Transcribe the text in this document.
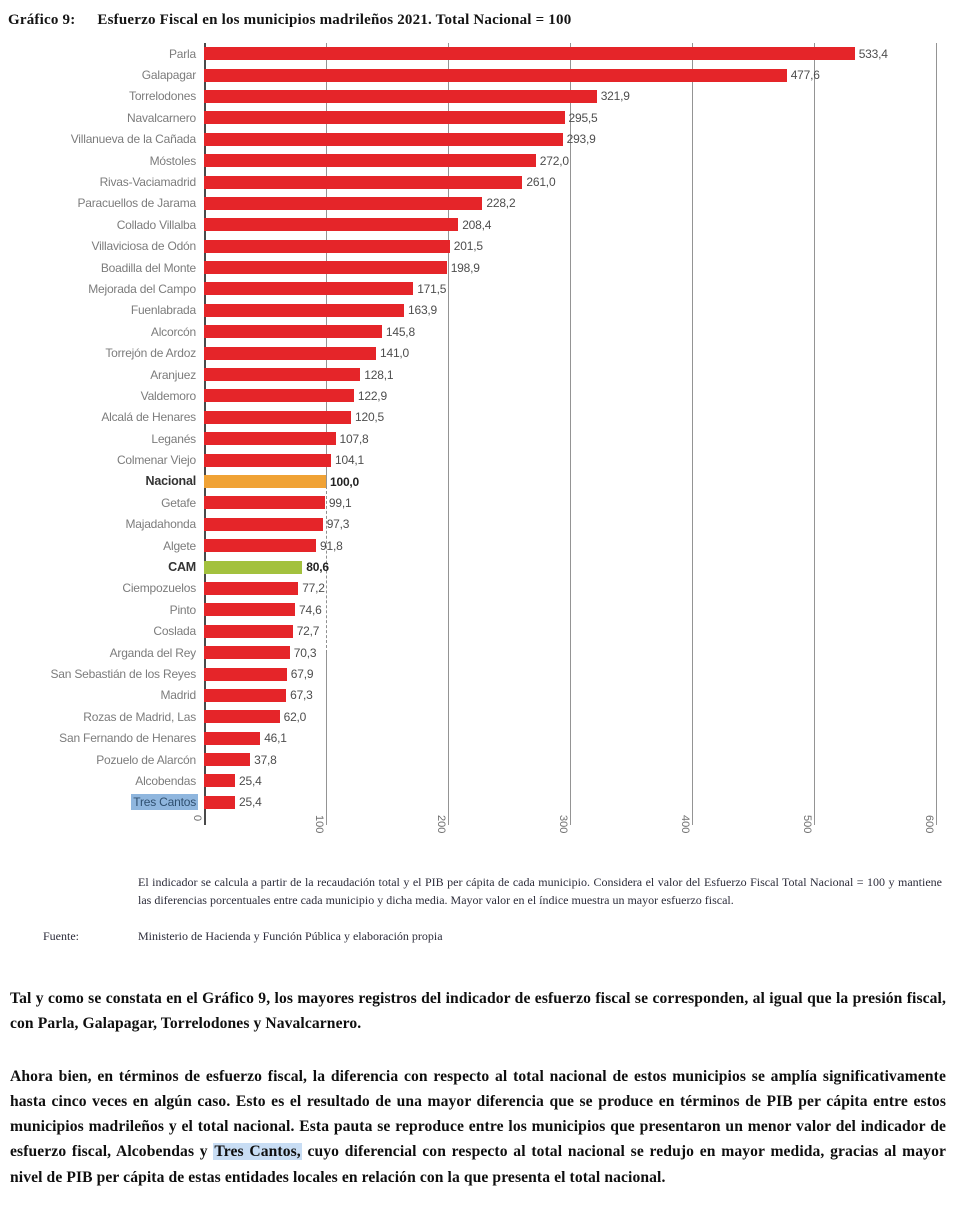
Gráfico 9: Esfuerzo Fiscal en los municipios madrileños 2021. Total Nacional = 100
Parla	533,4
Galapagar	477,6
Torrelodones	321,9
Navalcarnero	295,5
Villanueva de la Cañada	293,9
Móstoles	272,0
Rivas-Vaciamadrid	261,0
Paracuellos de Jarama	228,2
Collado Villalba	208,4
Villaviciosa de Odón	201,5
Boadilla del Monte	198,9
Mejorada del Campo	171,5
Fuenlabrada	163,9
Alcorcón	145,8
Torrejón de Ardoz	141,0
Aranjuez	128,1
Valdemoro	122,9
Alcalá de Henares	120,5
Leganés	107,8
Colmenar Viejo	104,1
Nacional	100,0
Getafe	99,1
Majadahonda	97,3
Algete	91,8
CAM	80,6
Ciempozuelos	77,2
Pinto	74,6
Coslada	72,7
Arganda del Rey	70,3
San Sebastián de los Reyes	67,9
Madrid	67,3
Rozas de Madrid, Las	62,0
San Fernando de Henares	46,1
Pozuelo de Alarcón	37,8
Alcobendas	25,4
Tres Cantos	25,4
0	100	200	300	400	500	600

El indicador se calcula a partir de la recaudación total y el PIB per cápita de cada municipio. Considera el valor del Esfuerzo Fiscal Total Nacional = 100 y mantiene las diferencias porcentuales entre cada municipio y dicha media. Mayor valor en el índice muestra un mayor esfuerzo fiscal.

Fuente:	Ministerio de Hacienda y Función Pública y elaboración propia

Tal y como se constata en el Gráfico 9, los mayores registros del indicador de esfuerzo fiscal se corresponden, al igual que la presión fiscal, con Parla, Galapagar, Torrelodones y Navalcarnero.

Ahora bien, en términos de esfuerzo fiscal, la diferencia con respecto al total nacional de estos municipios se amplía significativamente hasta cinco veces en algún caso. Esto es el resultado de una mayor diferencia que se produce en términos de PIB per cápita entre estos municipios madrileños y el total nacional. Esta pauta se reproduce entre los municipios que presentaron un menor valor del indicador de esfuerzo fiscal, Alcobendas y Tres Cantos, cuyo diferencial con respecto al total nacional se redujo en mayor medida, gracias al mayor nivel de PIB per cápita de estas entidades locales en relación con la que presenta el total nacional.
